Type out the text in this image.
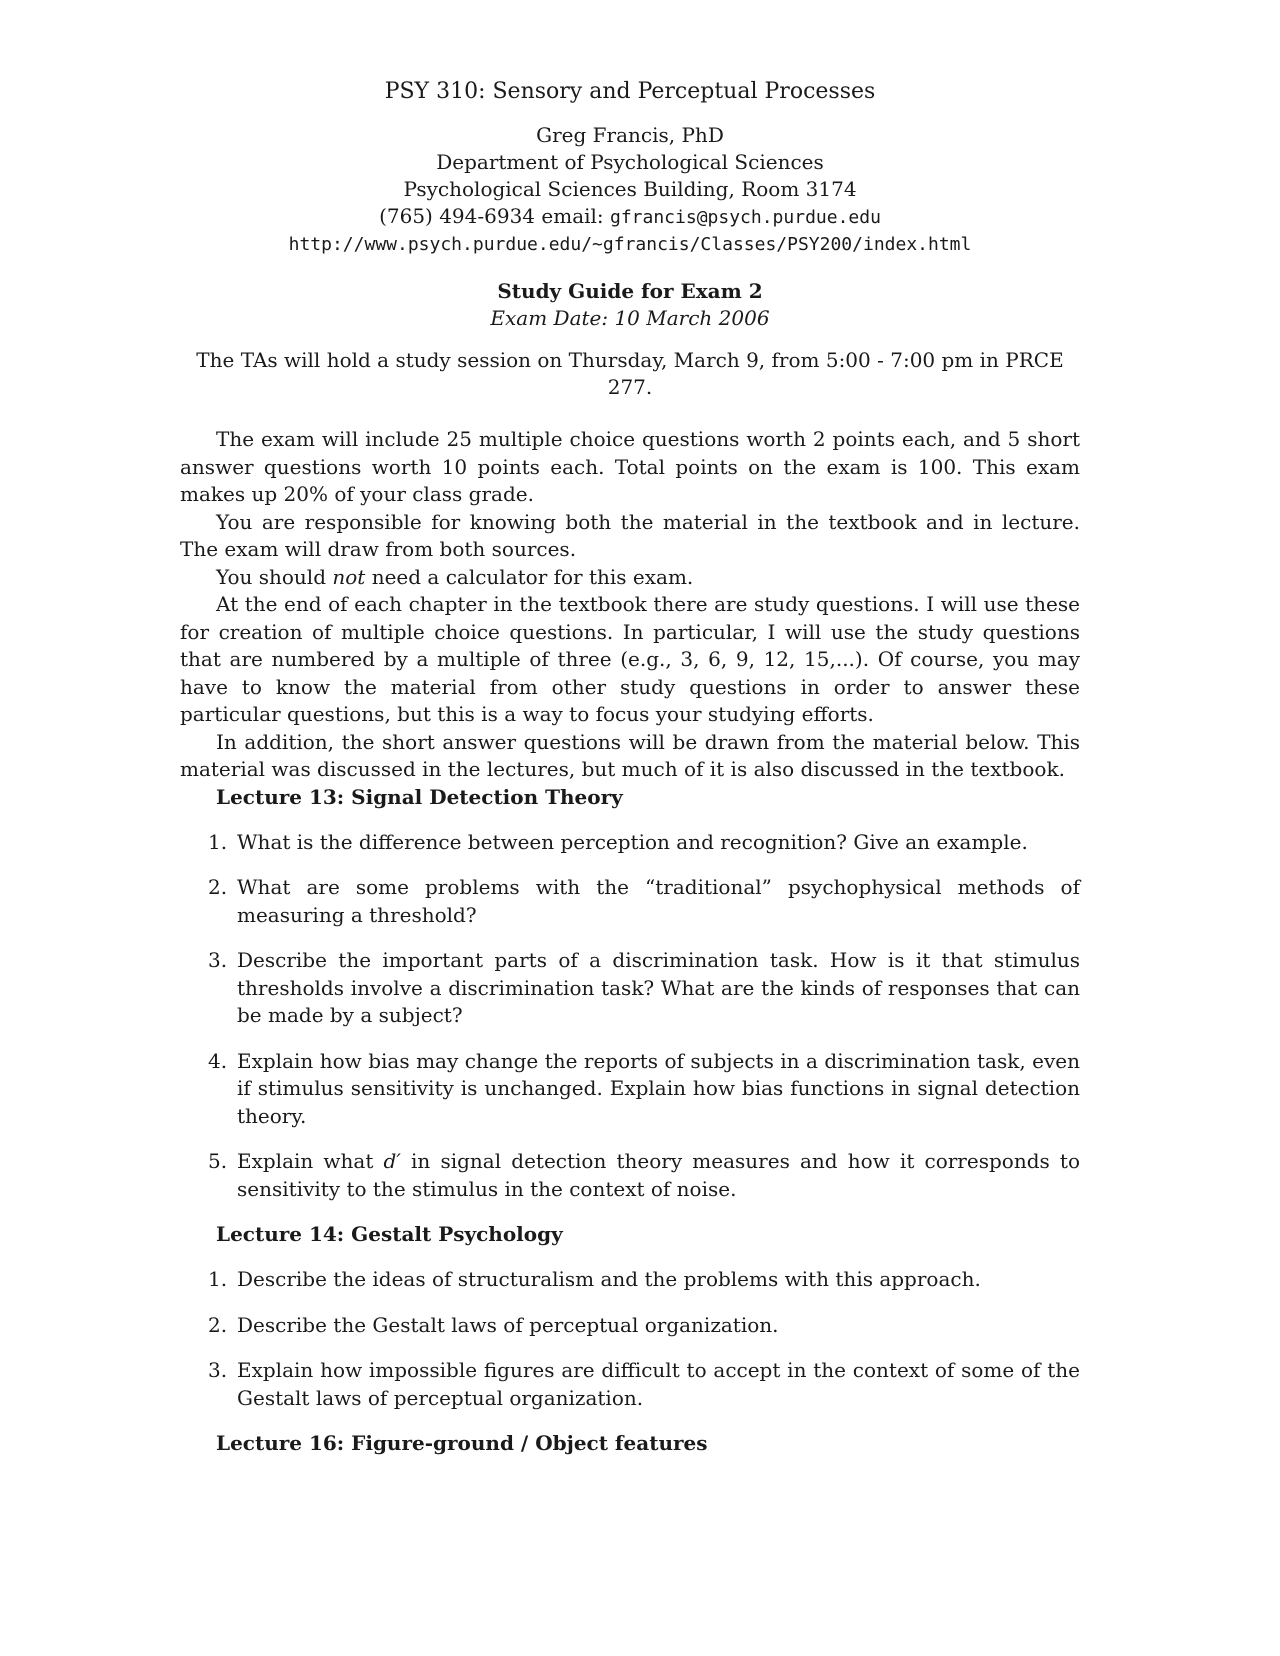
PSY 310: Sensory and Perceptual Processes
Greg Francis, PhD
Department of Psychological Sciences
Psychological Sciences Building, Room 3174
(765) 494-6934 email: gfrancis@psych.purdue.edu
http://www.psych.purdue.edu/~gfrancis/Classes/PSY200/index.html
Study Guide for Exam 2
Exam Date: 10 March 2006
The TAs will hold a study session on Thursday, March 9, from 5:00 - 7:00 pm in PRCE 277.

The exam will include 25 multiple choice questions worth 2 points each, and 5 short answer questions worth 10 points each. Total points on the exam is 100. This exam makes up 20% of your class grade.

You are responsible for knowing both the material in the textbook and in lecture. The exam will draw from both sources.

You should not need a calculator for this exam.

At the end of each chapter in the textbook there are study questions. I will use these for creation of multiple choice questions. In particular, I will use the study questions that are numbered by a multiple of three (e.g., 3, 6, 9, 12, 15,...). Of course, you may have to know the material from other study questions in order to answer these particular questions, but this is a way to focus your studying efforts.

In addition, the short answer questions will be drawn from the material below. This material was discussed in the lectures, but much of it is also discussed in the textbook.

Lecture 13: Signal Detection Theory
1. What is the difference between perception and recognition? Give an example.
2. What are some problems with the “traditional” psychophysical methods of measuring a threshold?
3. Describe the important parts of a discrimination task. How is it that stimulus thresholds involve a discrimination task? What are the kinds of responses that can be made by a subject?
4. Explain how bias may change the reports of subjects in a discrimination task, even if stimulus sensitivity is unchanged. Explain how bias functions in signal detection theory.
5. Explain what d′ in signal detection theory measures and how it corresponds to sensitivity to the stimulus in the context of noise.
Lecture 14: Gestalt Psychology
1. Describe the ideas of structuralism and the problems with this approach.
2. Describe the Gestalt laws of perceptual organization.
3. Explain how impossible figures are difficult to accept in the context of some of the Gestalt laws of perceptual organization.
Lecture 16: Figure-ground / Object features
